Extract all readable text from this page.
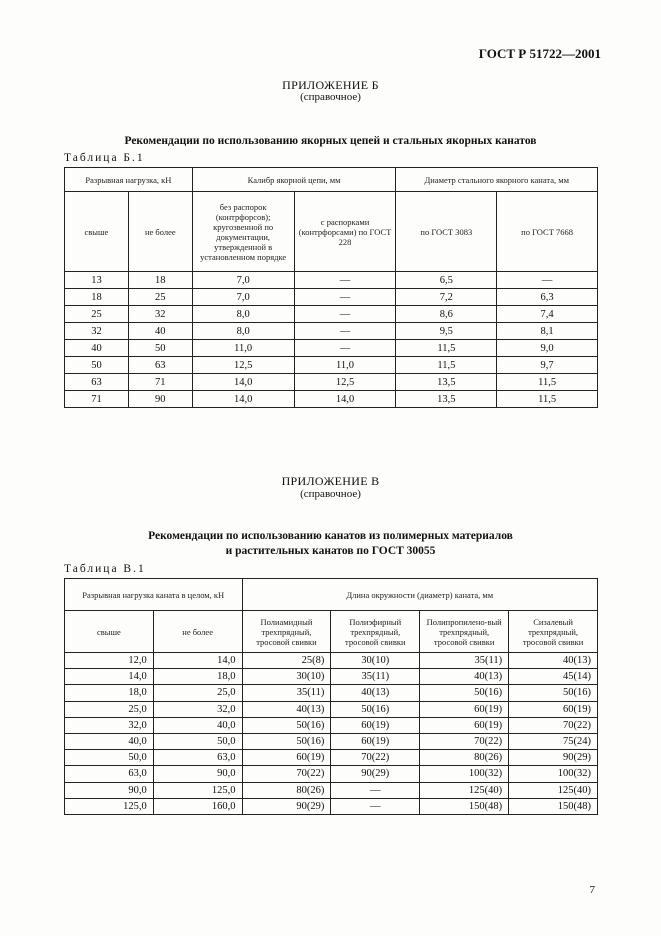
ГОСТ Р 51722—2001
ПРИЛОЖЕНИЕ Б
(справочное)
Рекомендации по использованию якорных цепей и стальных якорных канатов
Таблица Б.1
Разрывная нагрузка, кН		Калибр якорной цепи, мм		Диаметр стального якорного каната, мм	
свыше	не более	без распорок (контрфорсов); кругозвенной по документации, утвержденной в установленном порядке	с распорками (контрфорсами) по ГОСТ 228	по ГОСТ 3083	по ГОСТ 7668
13	18	7,0	—	6,5	—
18	25	7,0	—	7,2	6,3
25	32	8,0	—	8,6	7,4
32	40	8,0	—	9,5	8,1
40	50	11,0	—	11,5	9,0
50	63	12,5	11,0	11,5	9,7
63	71	14,0	12,5	13,5	11,5
71	90	14,0	14,0	13,5	11,5
ПРИЛОЖЕНИЕ В
(справочное)
Рекомендации по использованию канатов из полимерных материалов
и растительных канатов по ГОСТ 30055
Таблица В.1
Разрывная нагрузка каната в целом, кН		Длина окружности (диаметр) каната, мм			
свыше	не более	Полиамидный трехпрядный, тросовой свивки	Полиэфирный трехпрядный, тросовой свивки	Полипропилено-вый трехпрядный, тросовой свивки	Сизалевый трехпрядный, тросовой свивки
12,0	14,0	25(8)	30(10)	35(11)	40(13)
14,0	18,0	30(10)	35(11)	40(13)	45(14)
18,0	25,0	35(11)	40(13)	50(16)	50(16)
25,0	32,0	40(13)	50(16)	60(19)	60(19)
32,0	40,0	50(16)	60(19)	60(19)	70(22)
40,0	50,0	50(16)	60(19)	70(22)	75(24)
50,0	63,0	60(19)	70(22)	80(26)	90(29)
63,0	90,0	70(22)	90(29)	100(32)	100(32)
90,0	125,0	80(26)	—	125(40)	125(40)
125,0	160,0	90(29)	—	150(48)	150(48)
7
